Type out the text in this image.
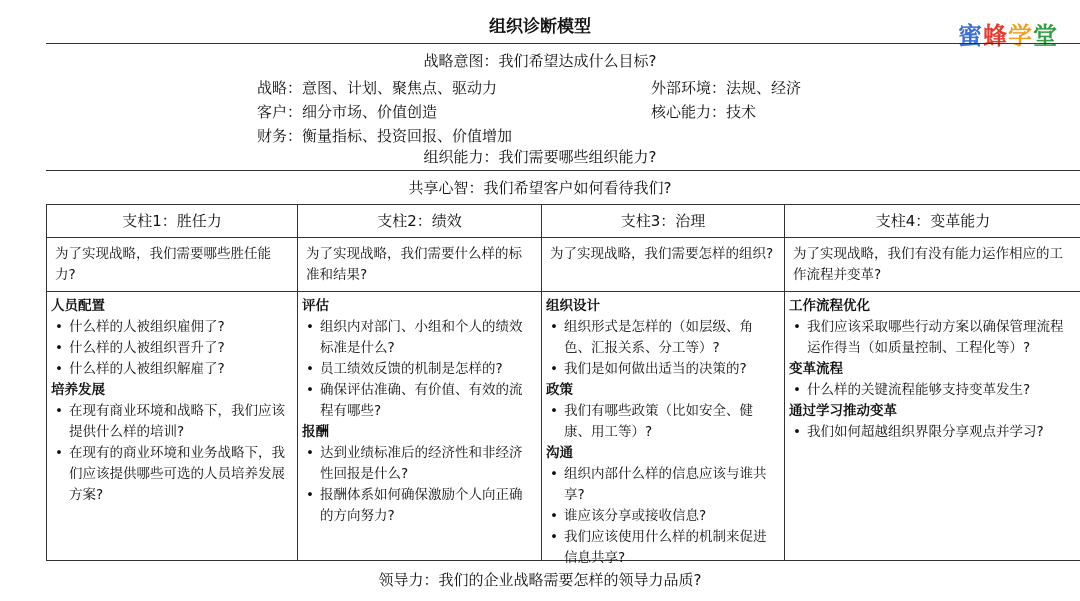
组织诊断模型	蜜蜂学堂
战略意图：我们希望达成什么目标?
战略：意图、计划、聚焦点、驱动力
客户：细分市场、价值创造
财务：衡量指标、投资回报、价值增加
外部环境：法规、经济
核心能力：技术
组织能力：我们需要哪些组织能力?
共享心智：我们希望客户如何看待我们?
支柱1：胜任力
为了实现战略，我们需要哪些胜任能力?
人员配置
• 什么样的人被组织雇佣了?
• 什么样的人被组织晋升了?
• 什么样的人被组织解雇了?
培养发展
• 在现有商业环境和战略下，我们应该提供什么样的培训?
• 在现有的商业环境和业务战略下，我们应该提供哪些可选的人员培养发展方案?
支柱2：绩效
为了实现战略，我们需要什么样的标准和结果?
评估
• 组织内对部门、小组和个人的绩效标准是什么?
• 员工绩效反馈的机制是怎样的?
• 确保评估准确、有价值、有效的流程有哪些?
报酬
• 达到业绩标准后的经济性和非经济性回报是什么?
• 报酬体系如何确保激励个人向正确的方向努力?
支柱3：治理
为了实现战略，我们需要怎样的组织?
组织设计
• 组织形式是怎样的（如层级、角色、汇报关系、分工等）?
• 我们是如何做出适当的决策的?
政策
• 我们有哪些政策（比如安全、健康、用工等）?
沟通
• 组织内部什么样的信息应该与谁共享?
• 谁应该分享或接收信息?
• 我们应该使用什么样的机制来促进信息共享?
支柱4：变革能力
为了实现战略，我们有没有能力运作相应的工作流程并变革?
工作流程优化
• 我们应该采取哪些行动方案以确保管理流程运作得当（如质量控制、工程化等）?
变革流程
• 什么样的关键流程能够支持变革发生?
通过学习推动变革
• 我们如何超越组织界限分享观点并学习?
领导力：我们的企业战略需要怎样的领导力品质?
